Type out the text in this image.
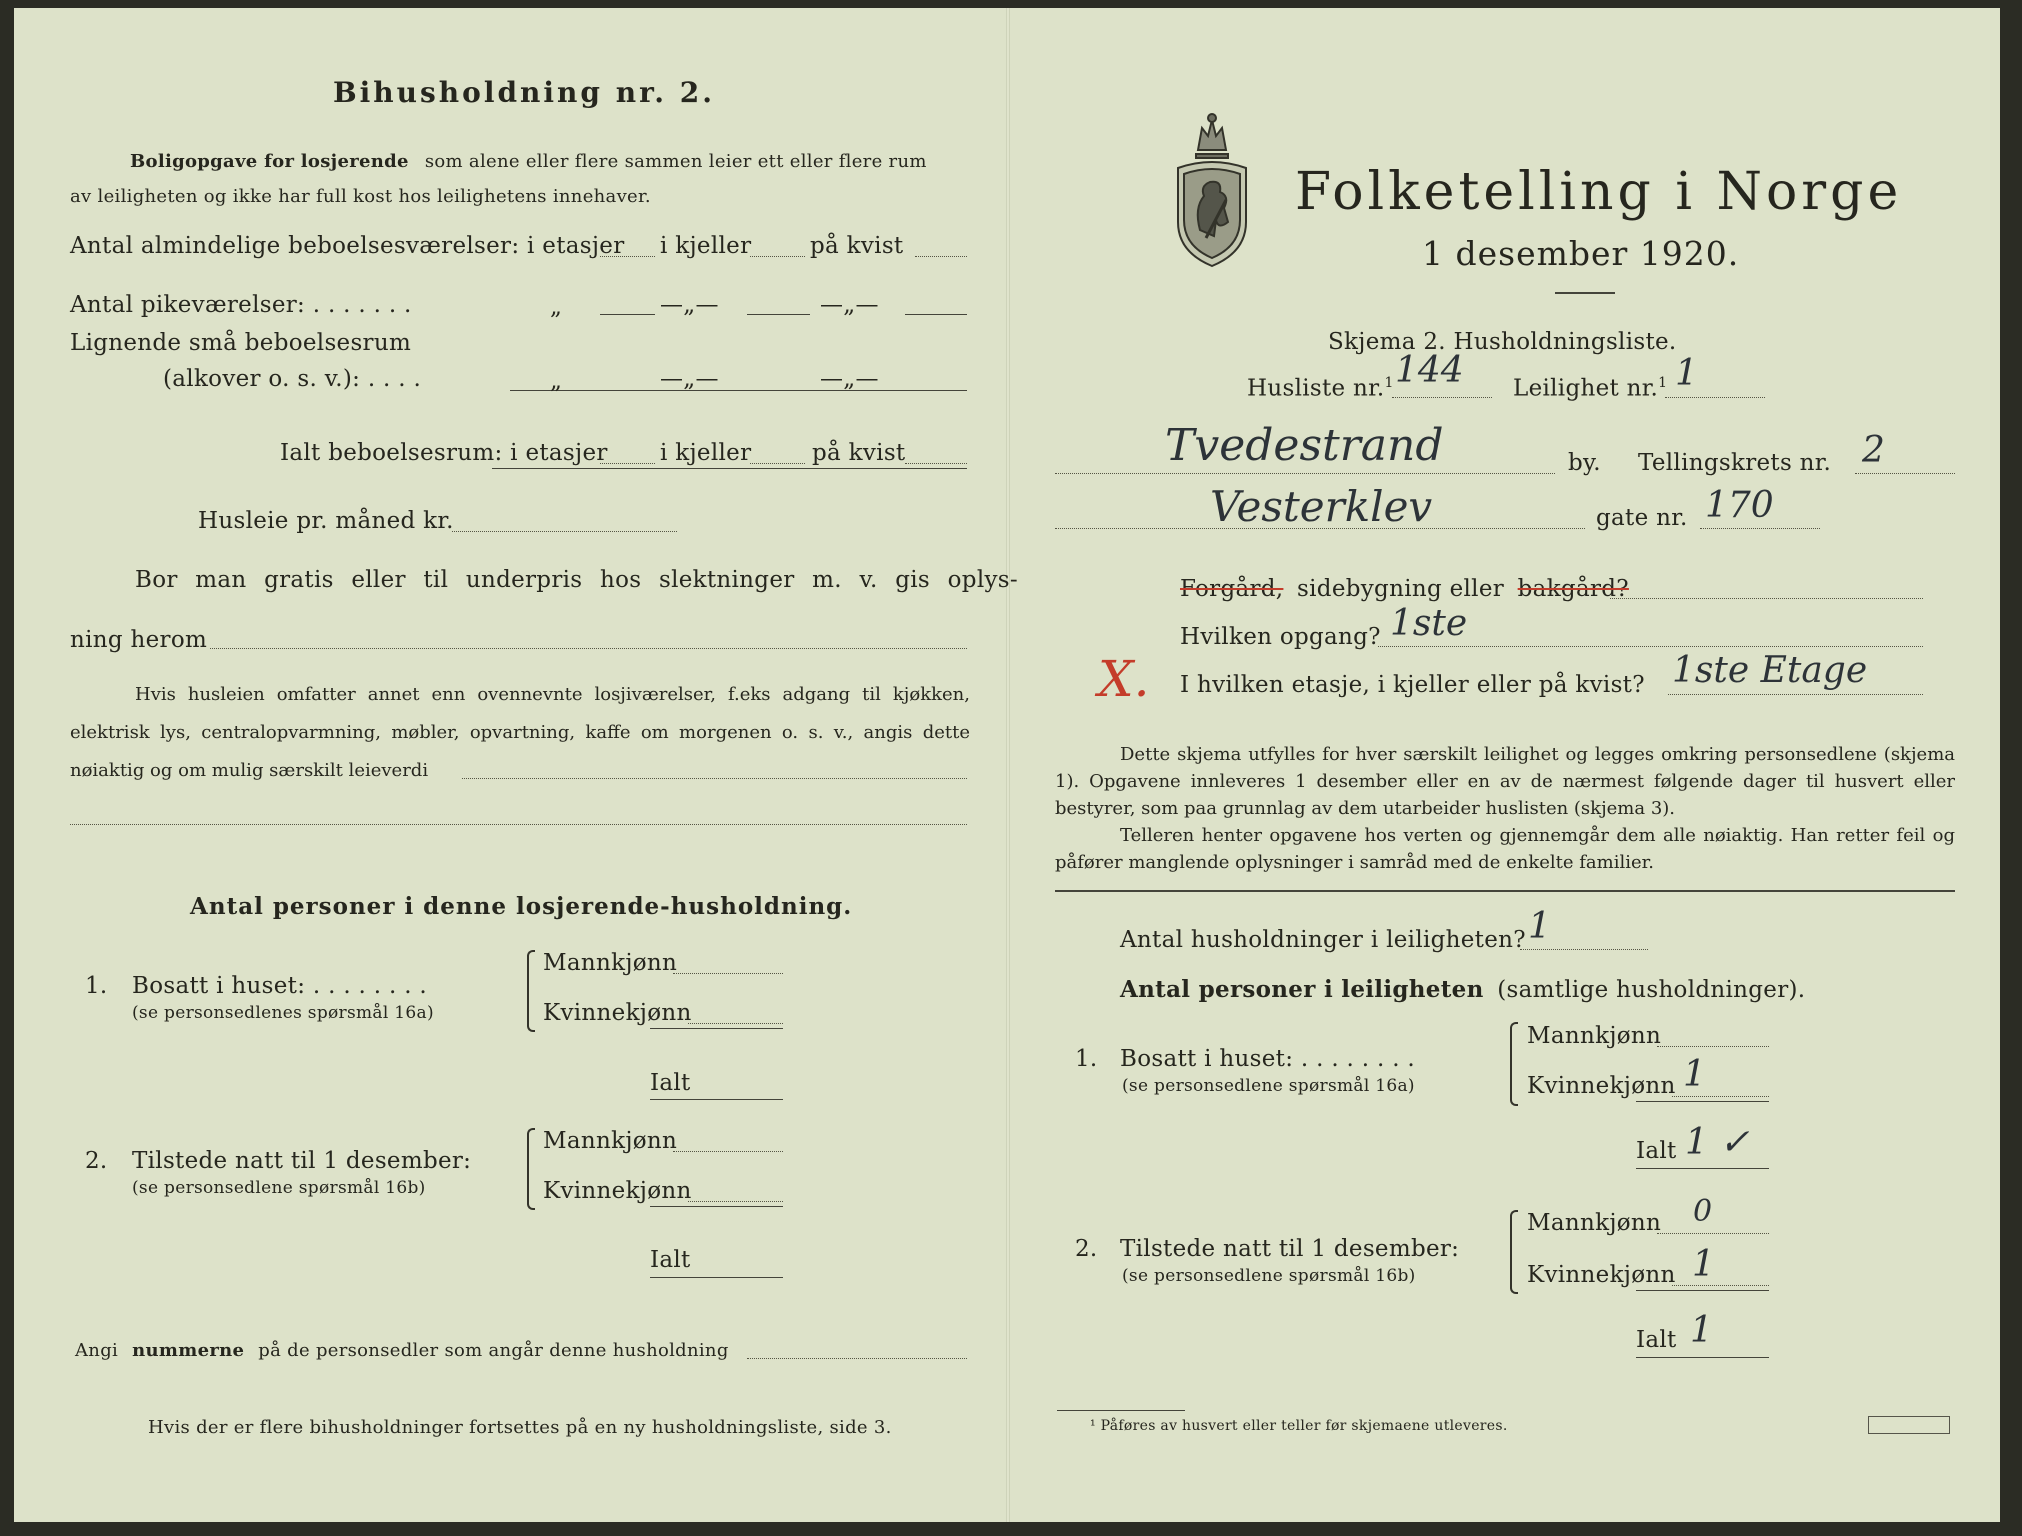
Bihusholdning nr. 2.
Boligopgave for losjerende som alene eller flere sammen leier ett eller flere rum
av leiligheten og ikke har full kost hos leilighetens innehaver.
Antal almindelige beboelsesværelser: i etasjer i kjeller	på kvist
Antal pikeværelser: . . . . . . .	„	—„—	—„—
Lignende små beboelsesrum
(alkover o. s. v.): . . . .	„	—„—	—„—
Ialt beboelsesrum: i etasjer i kjeller	på kvist
Husleie pr. måned kr.
Bor man gratis eller til underpris hos slektninger m. v. gis oplys-
ning herom
Hvis husleien omfatter annet enn ovennevnte losjiværelser, f.eks adgang til kjøkken, elektrisk lys, centralopvarmning, møbler, opvartning, kaffe om morgenen o. s. v., angis dette nøiaktig og om mulig særskilt leieverdi
Antal personer i denne losjerende-husholdning.
1. Bosatt i huset: . . . . . . . .
(se personsedlenes spørsmål 16a)
Mannkjønn
Kvinnekjønn
Ialt
2. Tilstede natt til 1 desember:
(se personsedlene spørsmål 16b)
Mannkjønn
Kvinnekjønn
Ialt
Angi nummerne på de personsedler som angår denne husholdning
Hvis der er flere bihusholdninger fortsettes på en ny husholdningsliste, side 3.
Folketelling i Norge
1 desember 1920.
Skjema 2. Husholdningsliste.
Husliste nr.$^1$ 144 Leilighet nr.$^1$ 1
Tvedestrand	by. Tellingskrets nr. 2
Vesterklev	gate nr. 170
Forgård, sidebygning eller bakgård?
Hvilken opgang? 1ste
X. I hvilken etasje, i kjeller eller på kvist? 1ste Etage
Dette skjema utfylles for hver særskilt leilighet og legges omkring personsedlene (skjema 1). Opgavene innleveres 1 desember eller en av de nærmest følgende dager til husvert eller bestyrer, som paa grunnlag av dem utarbeider huslisten (skjema 3).
Telleren henter opgavene hos verten og gjennemgår dem alle nøiaktig. Han retter feil og påfører manglende oplysninger i samråd med de enkelte familier.
Antal husholdninger i leiligheten? 1
Antal personer i leiligheten (samtlige husholdninger).
1. Bosatt i huset: . . . . . . . .
(se personsedlene spørsmål 16a)
Mannkjønn
Kvinnekjønn 1
Ialt 1 ✓
2. Tilstede natt til 1 desember:
(se personsedlene spørsmål 16b)
Mannkjønn 0
Kvinnekjønn 1
Ialt 1
¹ Påføres av husvert eller teller før skjemaene utleveres.
